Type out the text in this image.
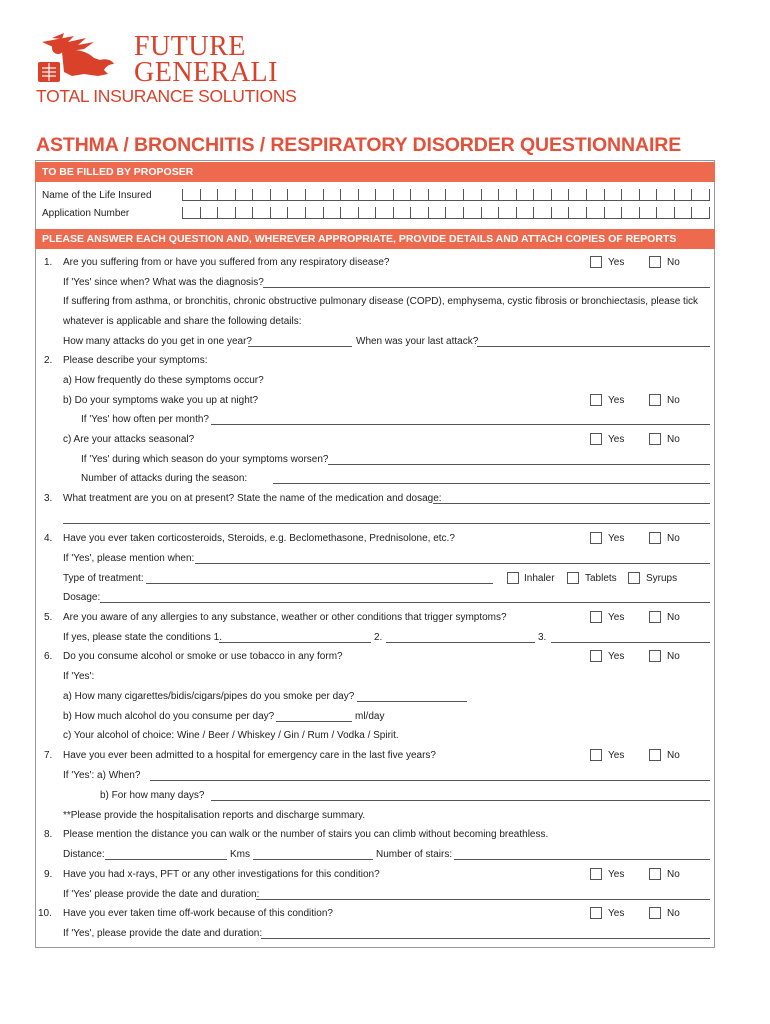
FUTURE
GENERALI
TOTAL INSURANCE SOLUTIONS
ASTHMA / BRONCHITIS / RESPIRATORY DISORDER QUESTIONNAIRE
TO BE FILLED BY PROPOSER
Name of the Life Insured
Application Number
PLEASE ANSWER EACH QUESTION AND, WHEREVER APPROPRIATE, PROVIDE DETAILS AND ATTACH COPIES OF REPORTS
1. Are you suffering from or have you suffered from any respiratory disease?	Yes	No
If 'Yes' since when? What was the diagnosis?
If suffering from asthma, or bronchitis, chronic obstructive pulmonary disease (COPD), emphysema, cystic fibrosis or bronchiectasis, please tick
whatever is applicable and share the following details:
How many attacks do you get in one year?	When was your last attack?
2. Please describe your symptoms:
a) How frequently do these symptoms occur?
b) Do your symptoms wake you up at night?	Yes	No
If 'Yes' how often per month?
c) Are your attacks seasonal?	Yes	No
If 'Yes' during which season do your symptoms worsen?
Number of attacks during the season:
3. What treatment are you on at present? State the name of the medication and dosage:
4. Have you ever taken corticosteroids, Steroids, e.g. Beclomethasone, Prednisolone, etc.?	Yes	No
If 'Yes', please mention when:
Type of treatment:	Inhaler	Tablets	Syrups
Dosage:
5. Are you aware of any allergies to any substance, weather or other conditions that trigger symptoms?	Yes	No
If yes, please state the conditions 1.	2.	3.
6. Do you consume alcohol or smoke or use tobacco in any form?	Yes	No
If 'Yes':
a) How many cigarettes/bidis/cigars/pipes do you smoke per day?
b) How much alcohol do you consume per day?	ml/day
c) Your alcohol of choice: Wine / Beer / Whiskey / Gin / Rum / Vodka / Spirit.
7. Have you ever been admitted to a hospital for emergency care in the last five years?	Yes	No
If 'Yes': a) When?
b) For how many days?
**Please provide the hospitalisation reports and discharge summary.
8. Please mention the distance you can walk or the number of stairs you can climb without becoming breathless.
Distance:	Kms	Number of stairs:
9. Have you had x-rays, PFT or any other investigations for this condition?	Yes	No
If 'Yes' please provide the date and duration:
10. Have you ever taken time off-work because of this condition?	Yes	No
If 'Yes', please provide the date and duration:
